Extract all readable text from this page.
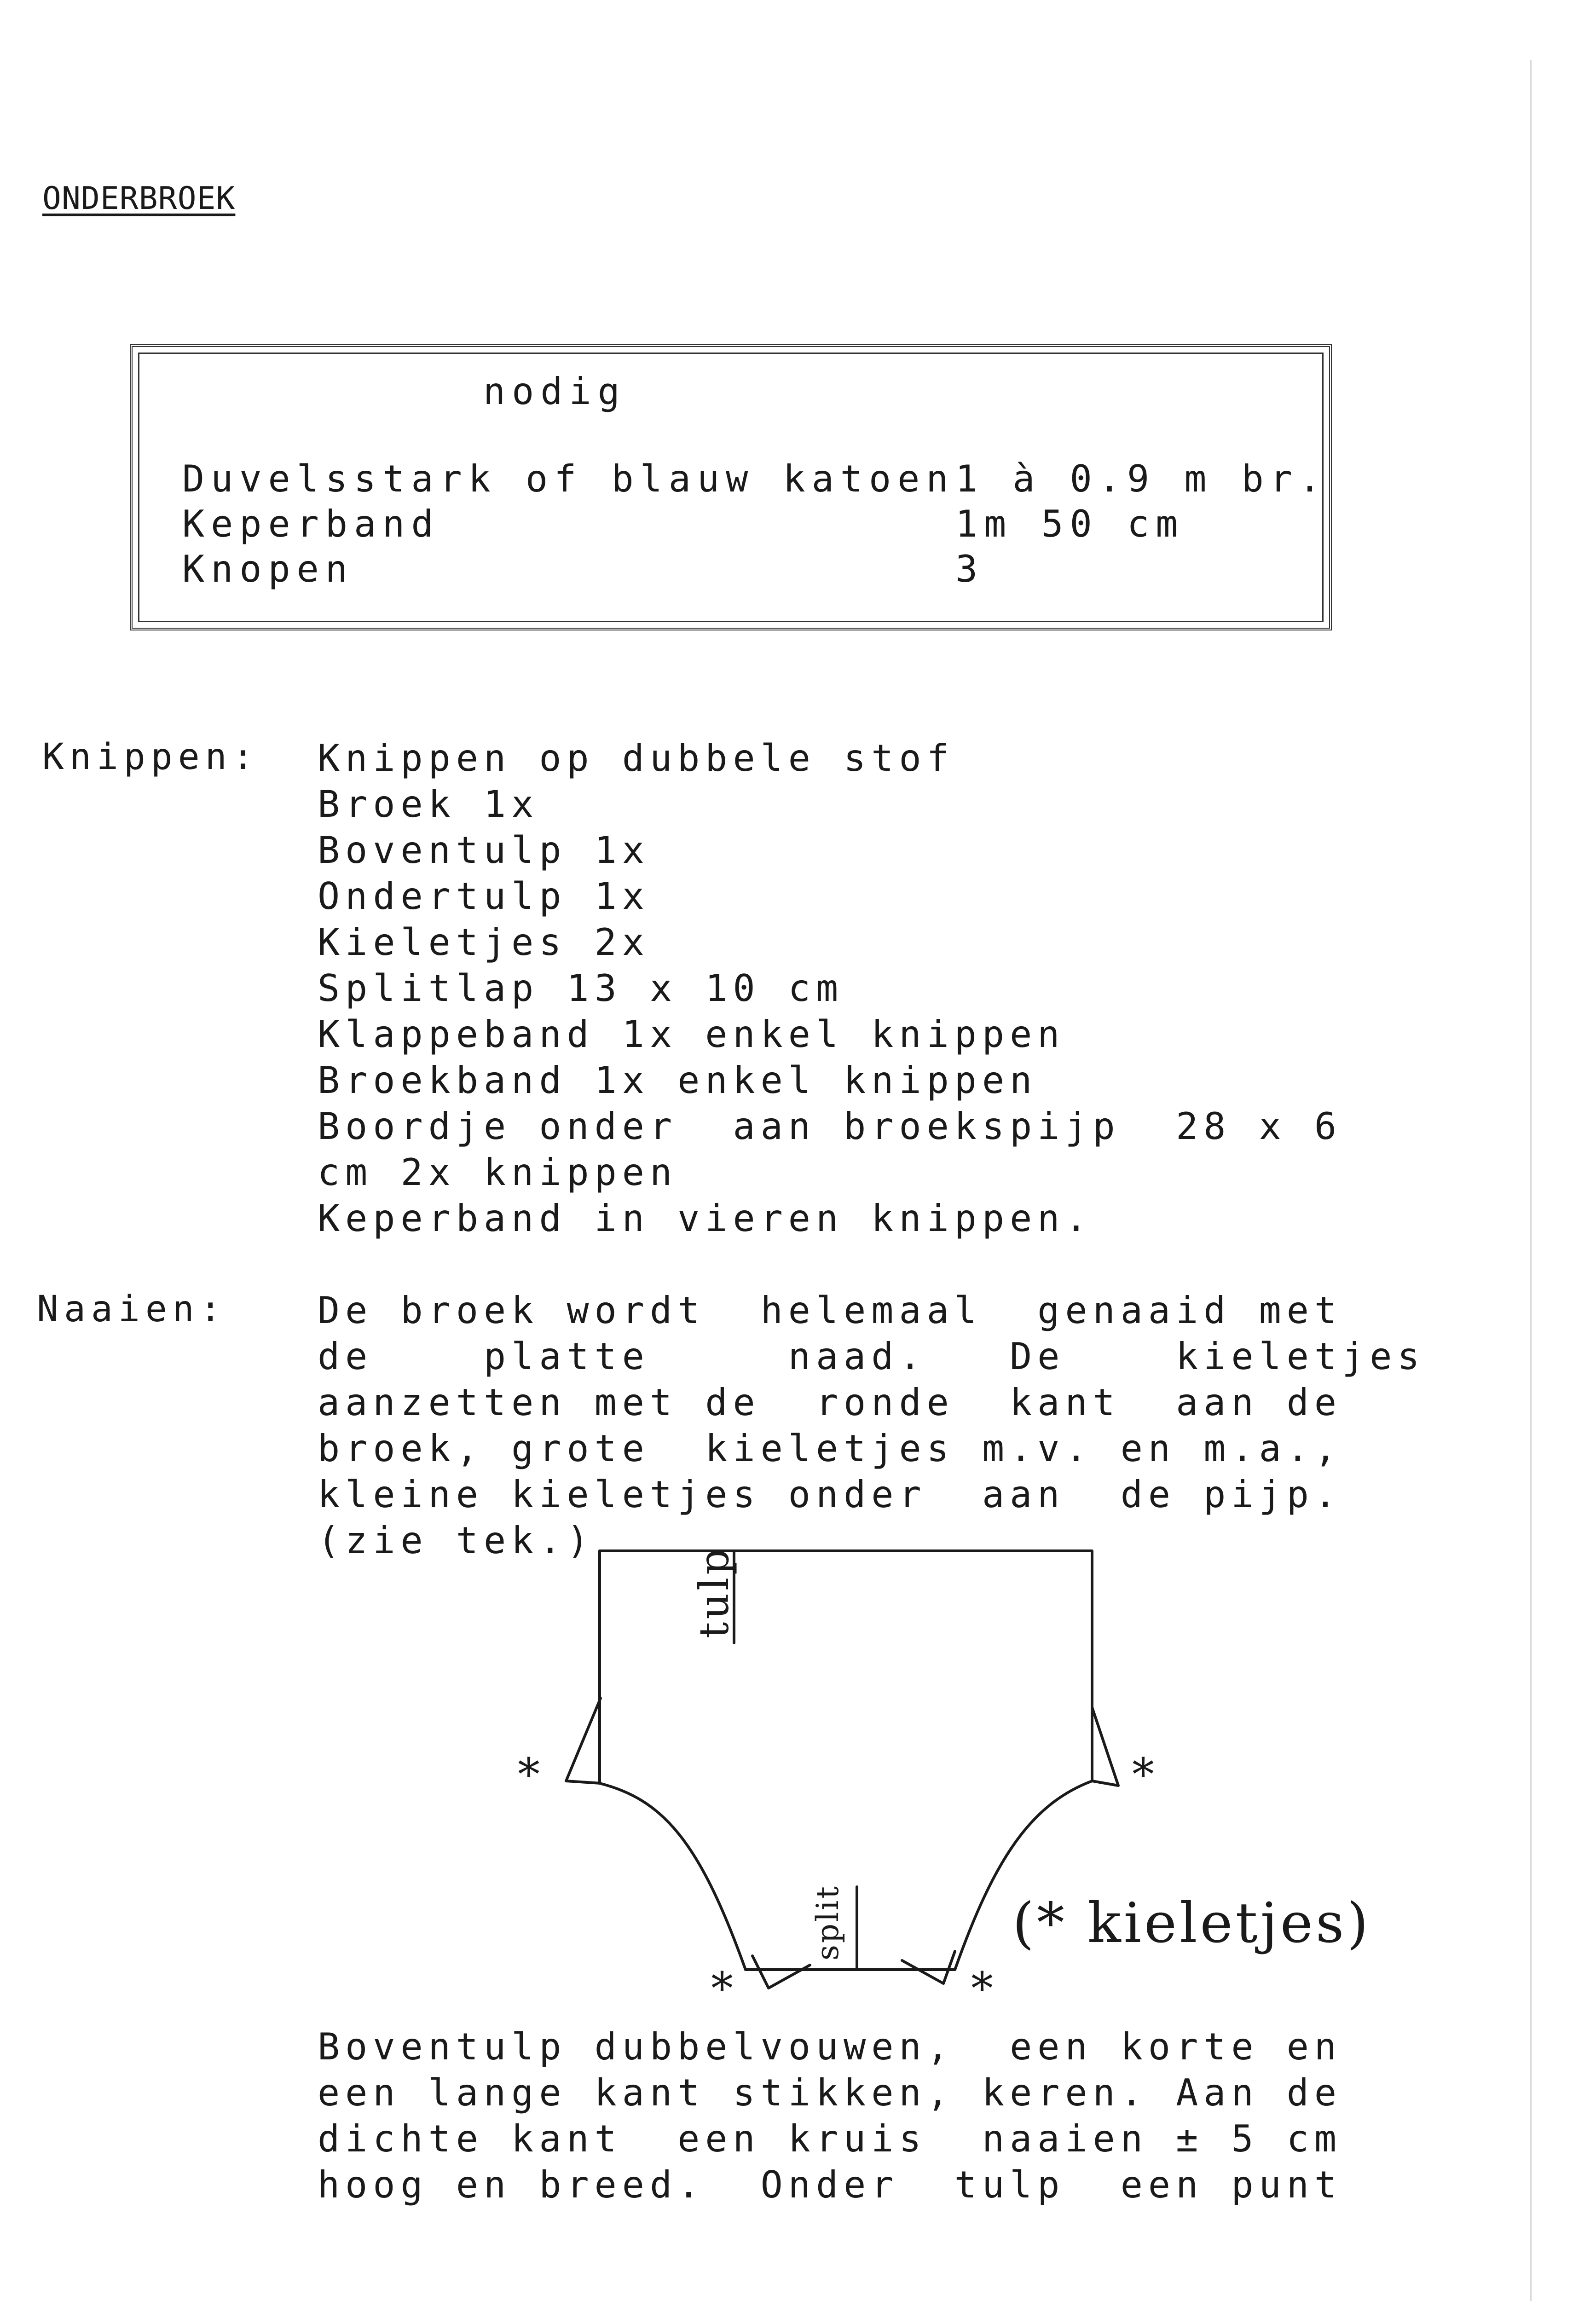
ONDERBROEK
nodig
Duvelsstark of blauw katoen 1 à 0.9 m br.
Keperband	1m 50 cm
Knopen	3
Knippen: Knippen op dubbele stof
Broek 1x
Boventulp 1x
Ondertulp 1x
Kieletjes 2x
Splitlap 13 x 10 cm
Klappeband 1x enkel knippen
Broekband 1x enkel knippen
Boordje onder  aan broekspijp  28 x 6
cm 2x knippen
Keperband in vieren knippen.
Naaien: De broek wordt  helemaal  genaaid met
de    platte     naad.   De    kieletjes
aanzetten met de  ronde  kant  aan de
broek, grote  kieletjes m.v. en m.a.,
kleine kieletjes onder  aan  de pijp.
(zie tek.)
tulp
split
*	*
*	*
(* kieletjes)
Boventulp dubbelvouwen,  een korte en
een lange kant stikken, keren. Aan de
dichte kant  een kruis  naaien ± 5 cm
hoog en breed.  Onder  tulp  een punt
